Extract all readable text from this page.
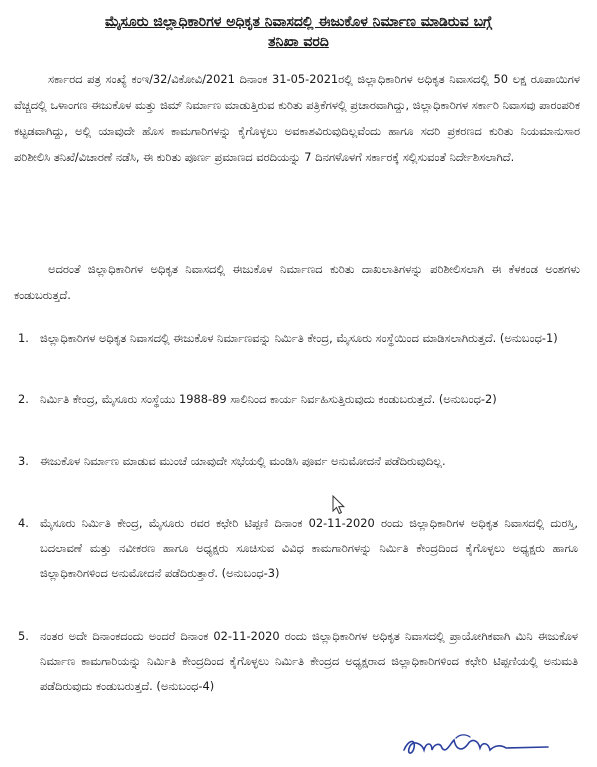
ಮೈಸೂರು ಜಿಲ್ಲಾಧಿಕಾರಿಗಳ ಅಧಿಕೃತ ನಿವಾಸದಲ್ಲಿ ಈಜುಕೊಳ ನಿರ್ಮಾಣ ಮಾಡಿರುವ ಬಗ್ಗೆ
ತನಿಖಾ ವರದಿ

ಸರ್ಕಾರದ ಪತ್ರ ಸಂಖ್ಯೆ ಕಂಇ/32/ವಿಕೋವಿ/2021 ದಿನಾಂಕ 31-05-2021ರಲ್ಲಿ ಜಿಲ್ಲಾಧಿಕಾರಿಗಳ ಅಧಿಕೃತ ನಿವಾಸದಲ್ಲಿ 50 ಲಕ್ಷ ರೂಪಾಯಿಗಳ ವೆಚ್ಚದಲ್ಲಿ ಒಳಾಂಗಣ ಈಜುಕೊಳ ಮತ್ತು ಜಿಮ್ ನಿರ್ಮಾಣ ಮಾಡುತ್ತಿರುವ ಕುರಿತು ಪತ್ರಿಕೆಗಳಲ್ಲಿ ಪ್ರಚಾರವಾಗಿದ್ದು, ಜಿಲ್ಲಾಧಿಕಾರಿಗಳ ಸರ್ಕಾರಿ ನಿವಾಸವು ಪಾರಂಪರಿಕ ಕಟ್ಟಡವಾಗಿದ್ದು, ಅಲ್ಲಿ ಯಾವುದೇ ಹೊಸ ಕಾಮಗಾರಿಗಳನ್ನು ಕೈಗೊಳ್ಳಲು ಅವಕಾಶವಿರುವುದಿಲ್ಲವೆಂದು ಹಾಗೂ ಸದರಿ ಪ್ರಕರಣದ ಕುರಿತು ನಿಯಮಾನುಸಾರ ಪರಿಶೀಲಿಸಿ ತನಿಖೆ/ವಿಚಾರಣೆ ನಡೆಸಿ, ಈ ಕುರಿತು ಪೂರ್ಣ ಪ್ರಮಾಣದ ವರದಿಯನ್ನು 7 ದಿನಗಳೊಳಗೆ ಸರ್ಕಾರಕ್ಕೆ ಸಲ್ಲಿಸುವಂತೆ ನಿರ್ದೇಶಿಸಲಾಗಿದೆ.

ಅದರಂತೆ ಜಿಲ್ಲಾಧಿಕಾರಿಗಳ ಅಧಿಕೃತ ನಿವಾಸದಲ್ಲಿ ಈಜುಕೊಳ ನಿರ್ಮಾಣದ ಕುರಿತು ದಾಖಲಾತಿಗಳನ್ನು ಪರಿಶೀಲಿಸಲಾಗಿ ಈ ಕೆಳಕಂಡ ಅಂಶಗಳು ಕಂಡುಬರುತ್ತದೆ.

1. ಜಿಲ್ಲಾಧಿಕಾರಿಗಳ ಅಧಿಕೃತ ನಿವಾಸದಲ್ಲಿ ಈಜುಕೊಳ ನಿರ್ಮಾಣವನ್ನು ನಿರ್ಮಿತಿ ಕೇಂದ್ರ, ಮೈಸೂರು ಸಂಸ್ಥೆಯಿಂದ ಮಾಡಿಸಲಾಗಿರುತ್ತದೆ. (ಅನುಬಂಧ-1)
2. ನಿರ್ಮಿತಿ ಕೇಂದ್ರ, ಮೈಸೂರು ಸಂಸ್ಥೆಯು 1988-89 ಸಾಲಿನಿಂದ ಕಾರ್ಯ ನಿರ್ವಹಿಸುತ್ತಿರುವುದು ಕಂಡುಬರುತ್ತದೆ. (ಅನುಬಂಧ-2)
3. ಈಜುಕೊಳ ನಿರ್ಮಾಣ ಮಾಡುವ ಮುಂಚೆ ಯಾವುದೇ ಸಭೆಯಲ್ಲಿ ಮಂಡಿಸಿ ಪೂರ್ವ ಅನುಮೋದನೆ ಪಡೆದಿರುವುದಿಲ್ಲ.
4. ಮೈಸೂರು ನಿರ್ಮಿತಿ ಕೇಂದ್ರ, ಮೈಸೂರು ರವರ ಕಛೇರಿ ಟಿಪ್ಪಣಿ ದಿನಾಂಕ 02-11-2020 ರಂದು ಜಿಲ್ಲಾಧಿಕಾರಿಗಳ ಅಧಿಕೃತ ನಿವಾಸದಲ್ಲಿ ದುರಸ್ತಿ, ಬದಲಾವಣೆ ಮತ್ತು ನವೀಕರಣ ಹಾಗೂ ಅಧ್ಯಕ್ಷರು ಸೂಚಿಸುವ ವಿವಿಧ ಕಾಮಗಾರಿಗಳನ್ನು ನಿರ್ಮಿತಿ ಕೇಂದ್ರದಿಂದ ಕೈಗೊಳ್ಳಲು ಅಧ್ಯಕ್ಷರು ಹಾಗೂ ಜಿಲ್ಲಾಧಿಕಾರಿಗಳಿಂದ ಅನುಮೋದನೆ ಪಡೆದಿರುತ್ತಾರೆ. (ಅನುಬಂಧ-3)
5. ನಂತರ ಅದೇ ದಿನಾಂಕದಂದು ಅಂದರೆ ದಿನಾಂಕ 02-11-2020 ರಂದು ಜಿಲ್ಲಾಧಿಕಾರಿಗಳ ಅಧಿಕೃತ ನಿವಾಸದಲ್ಲಿ ಪ್ರಾಯೋಗಿಕವಾಗಿ ಮಿನಿ ಈಜುಕೊಳ ನಿರ್ಮಾಣ ಕಾಮಗಾರಿಯನ್ನು ನಿರ್ಮಿತಿ ಕೇಂದ್ರದಿಂದ ಕೈಗೊಳ್ಳಲು ನಿರ್ಮಿತಿ ಕೇಂದ್ರದ ಅಧ್ಯಕ್ಷರಾದ ಜಿಲ್ಲಾಧಿಕಾರಿಗಳಿಂದ ಕಛೇರಿ ಟಿಪ್ಪಣಿಯಲ್ಲಿ ಅನುಮತಿ ಪಡೆದಿರುವುದು ಕಂಡುಬರುತ್ತದೆ. (ಅನುಬಂಧ-4)
